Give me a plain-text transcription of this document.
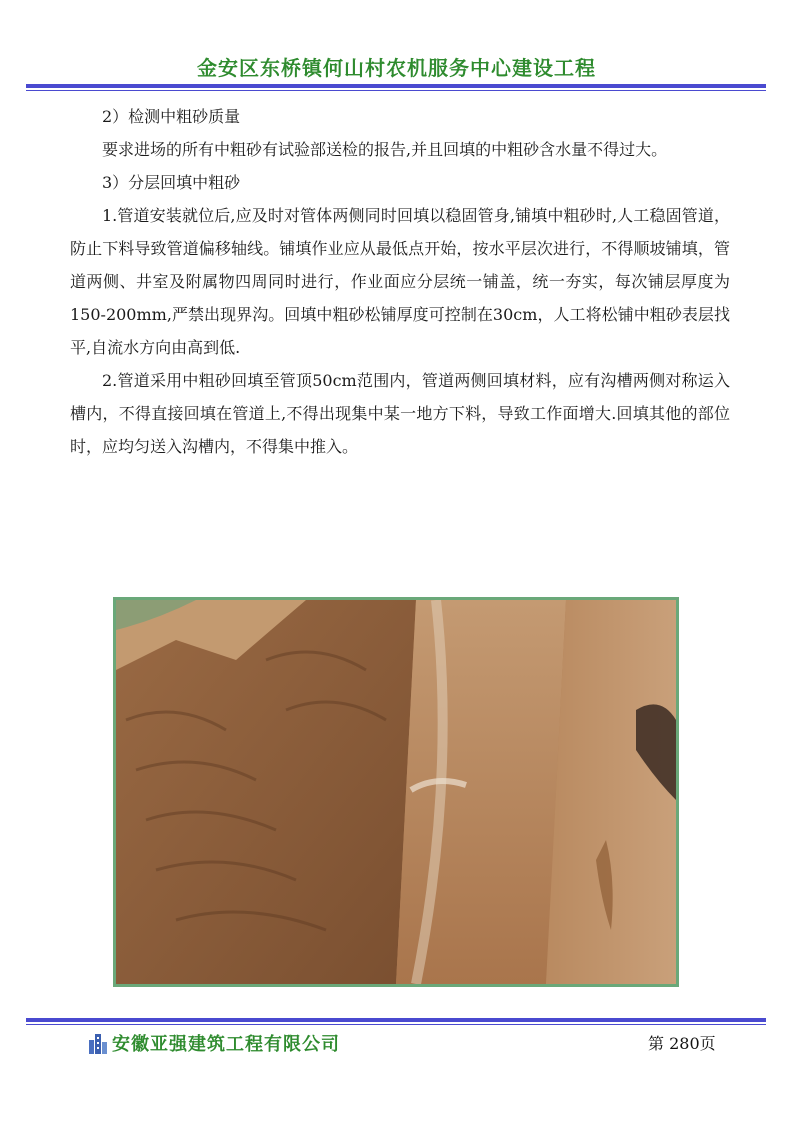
金安区东桥镇何山村农机服务中心建设工程

2）检测中粗砂质量

要求进场的所有中粗砂有试验部送检的报告,并且回填的中粗砂含水量不得过大。

3）分层回填中粗砂

1.管道安装就位后,应及时对管体两侧同时回填以稳固管身,铺填中粗砂时,人工稳固管道，防止下料导致管道偏移轴线。铺填作业应从最低点开始，按水平层次进行，不得顺坡铺填，管道两侧、井室及附属物四周同时进行，作业面应分层统一铺盖，统一夯实，每次铺层厚度为150-200mm,严禁出现界沟。回填中粗砂松铺厚度可控制在30cm，人工将松铺中粗砂表层找平,自流水方向由高到低.

2.管道采用中粗砂回填至管顶50cm范围内，管道两侧回填材料，应有沟槽两侧对称运入槽内，不得直接回填在管道上,不得出现集中某一地方下料，导致工作面增大.回填其他的部位时，应均匀送入沟槽内，不得集中推入。

安徽亚强建筑工程有限公司	第 280页
